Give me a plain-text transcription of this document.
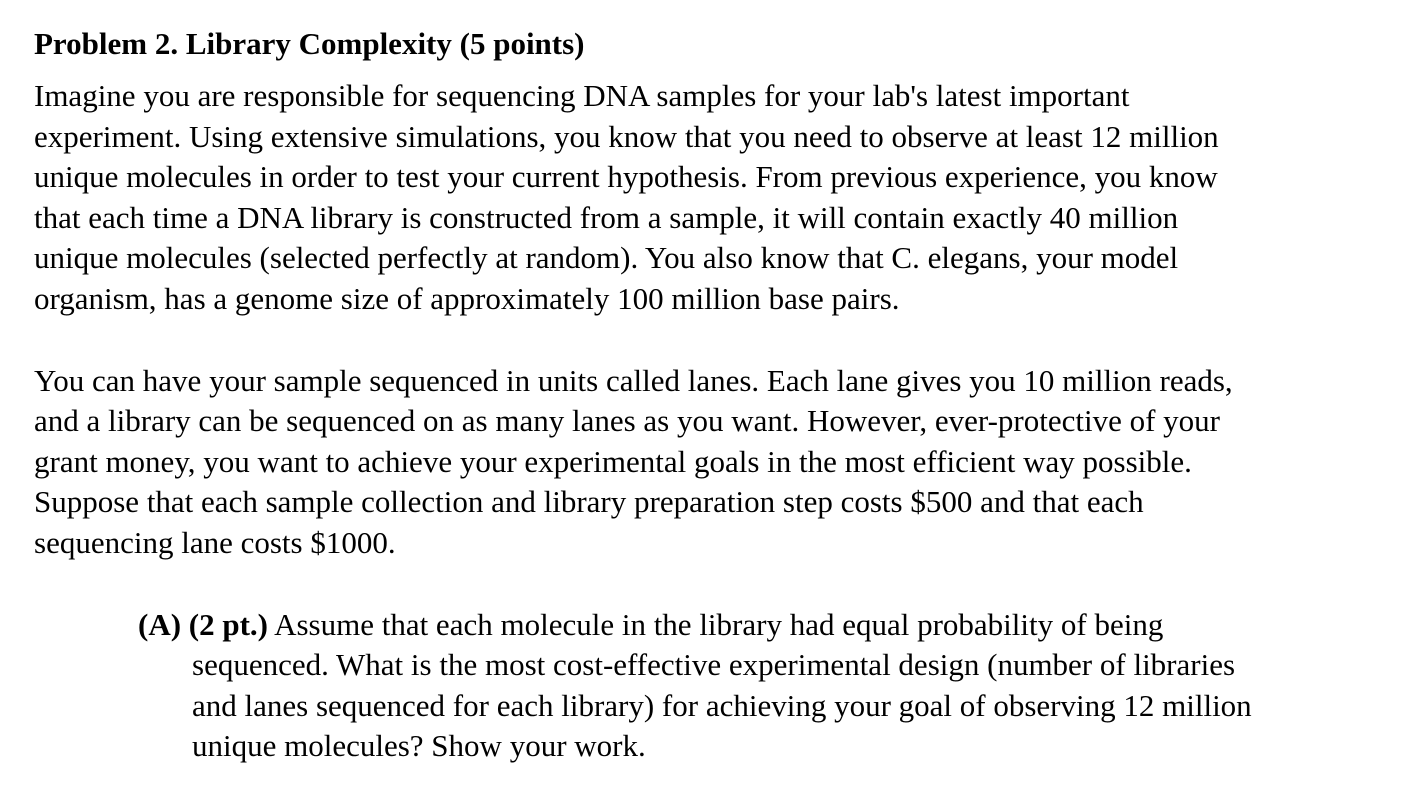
Problem 2. Library Complexity (5 points)

Imagine you are responsible for sequencing DNA samples for your lab's latest important
experiment. Using extensive simulations, you know that you need to observe at least 12 million
unique molecules in order to test your current hypothesis. From previous experience, you know
that each time a DNA library is constructed from a sample, it will contain exactly 40 million
unique molecules (selected perfectly at random). You also know that C. elegans, your model
organism, has a genome size of approximately 100 million base pairs.

You can have your sample sequenced in units called lanes. Each lane gives you 10 million reads,
and a library can be sequenced on as many lanes as you want. However, ever-protective of your
grant money, you want to achieve your experimental goals in the most efficient way possible.
Suppose that each sample collection and library preparation step costs $500 and that each
sequencing lane costs $1000.

(A) (2 pt.) Assume that each molecule in the library had equal probability of being
sequenced. What is the most cost-effective experimental design (number of libraries
and lanes sequenced for each library) for achieving your goal of observing 12 million
unique molecules? Show your work.
